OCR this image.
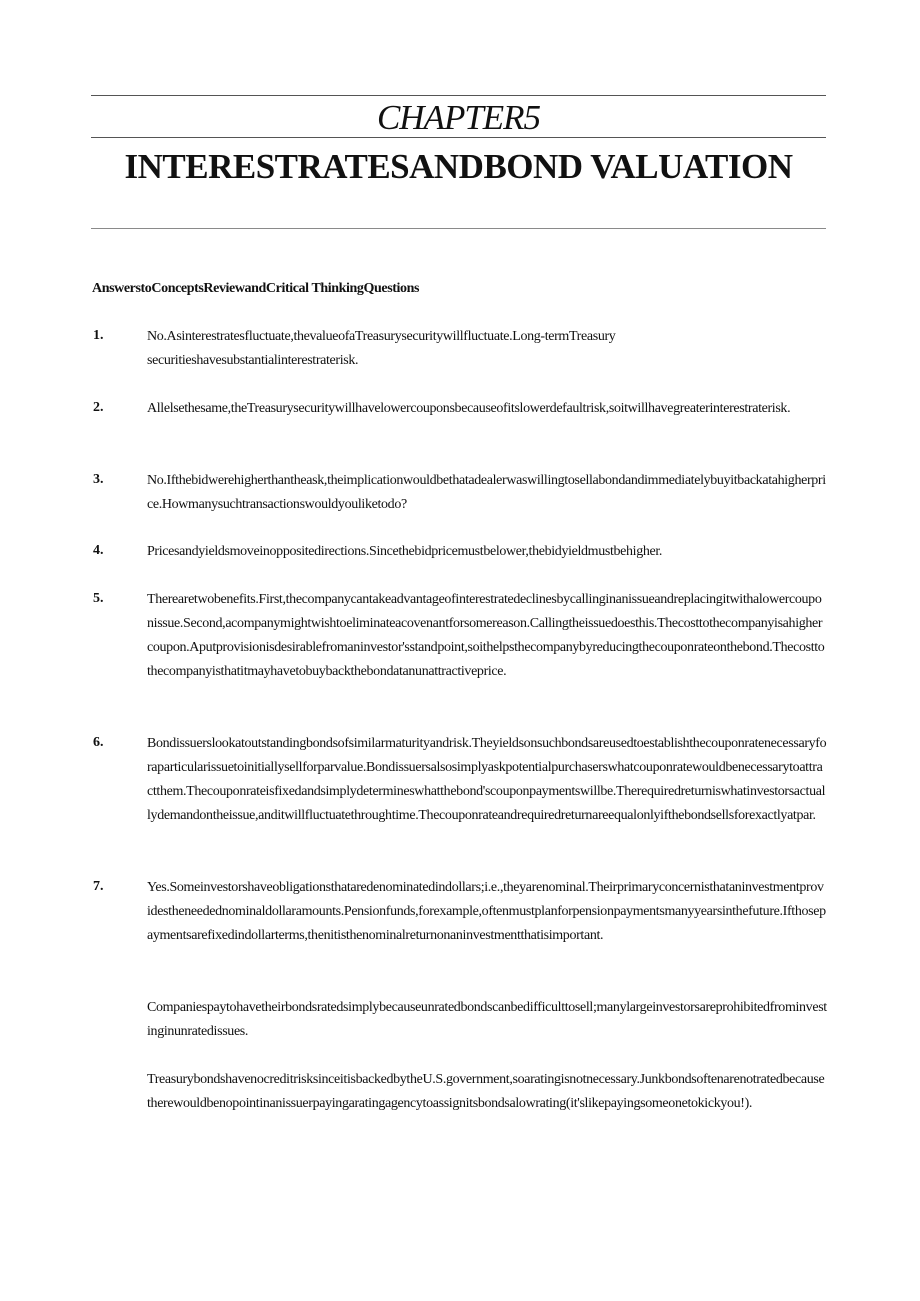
CHAPTER5
INTERESTRATESANDBOND VALUATION
AnswerstoConceptsReviewandCritical ThinkingQuestions
1.	No.Asinterestratesfluctuate,thevalueofaTreasurysecuritywillfluctuate.Long-termTreasurysecuritieshavesubstantialinterestraterisk.
2.	Allelsethesame,theTreasurysecuritywillhavelowercouponsbecauseofitslowerdefaultrisk,soitwillhavegreaterinterestraterisk.
3.	No.Ifthebidwerehigherthantheask,theimplicationwouldbethatadealerwaswillingtosellabondandimmediatelybuyitbackatahigherprice.Howmanysuchtransactionswouldyouliketodo?
4.	Pricesandyieldsmoveinoppositedirections.Sincethebidpricemustbelower,thebidyieldmustbehigher.
5.	Therearetwobenefits.First,thecompanycantakeadvantageofinterestratedeclinesbycallinginanissueandreplacingitwithalowercouponissue.Second,acompanymightwishtoeliminateacovenantforsomereason.Callingtheissuedoesthis.Thecosttothecompanyisahighercoupon.Aputprovisionisdesirablefromaninvestor'sstandpoint,soithelpsthecompanybyreducingthecouponrateonthebond.Thecosttothecompanyisthatitmayhavetobuybackthebondatanunattractiveprice.
6.	Bondissuerslookatoutstandingbondsofsimilarmaturityandrisk.Theyieldsonsuchbondsareusedtoestablishthecouponratenecessaryforaparticularissuetoinitiallysellforparvalue.Bondissuersalsosimplyaskpotentialpurchaserswhatcouponratewouldbenecessarytoattractthem.Thecouponrateisfixedandsimplydetermineswhatthebond'scouponpaymentswillbe.Therequiredreturniswhatinvestorsactuallydemandontheissue,anditwillfluctuatethroughtime.Thecouponrateandrequiredreturnareequalonlyifthebondsellsforexactlyatpar.
7.	Yes.Someinvestorshaveobligationsthataredenominatedindollars;i.e.,theyarenominal.Theirprimaryconcernisthataninvestmentprovidestheneedednominaldollaramounts.Pensionfunds,forexample,oftenmustplanforpensionpaymentsmanyyearsinthefuture.Ifthosepaymentsarefixedindollarterms,thenitisthenominalreturnonaninvestmentthatisimportant.
Companiespaytohavetheirbondsratedsimplybecauseunratedbondscanbedifficulttosell;manylargeinvestorsareprohibitedfrominvestinginunratedissues.
TreasurybondshavenocreditrisksinceitisbackedbytheU.S.government,soaratingisnotnecessary.Junkbondsoftenarenotratedbecausetherewouldbenopointinanissuerpayingaratingagencytoassignitsbondsalowrating(it'slikepayingsomeonetokickyou!).
